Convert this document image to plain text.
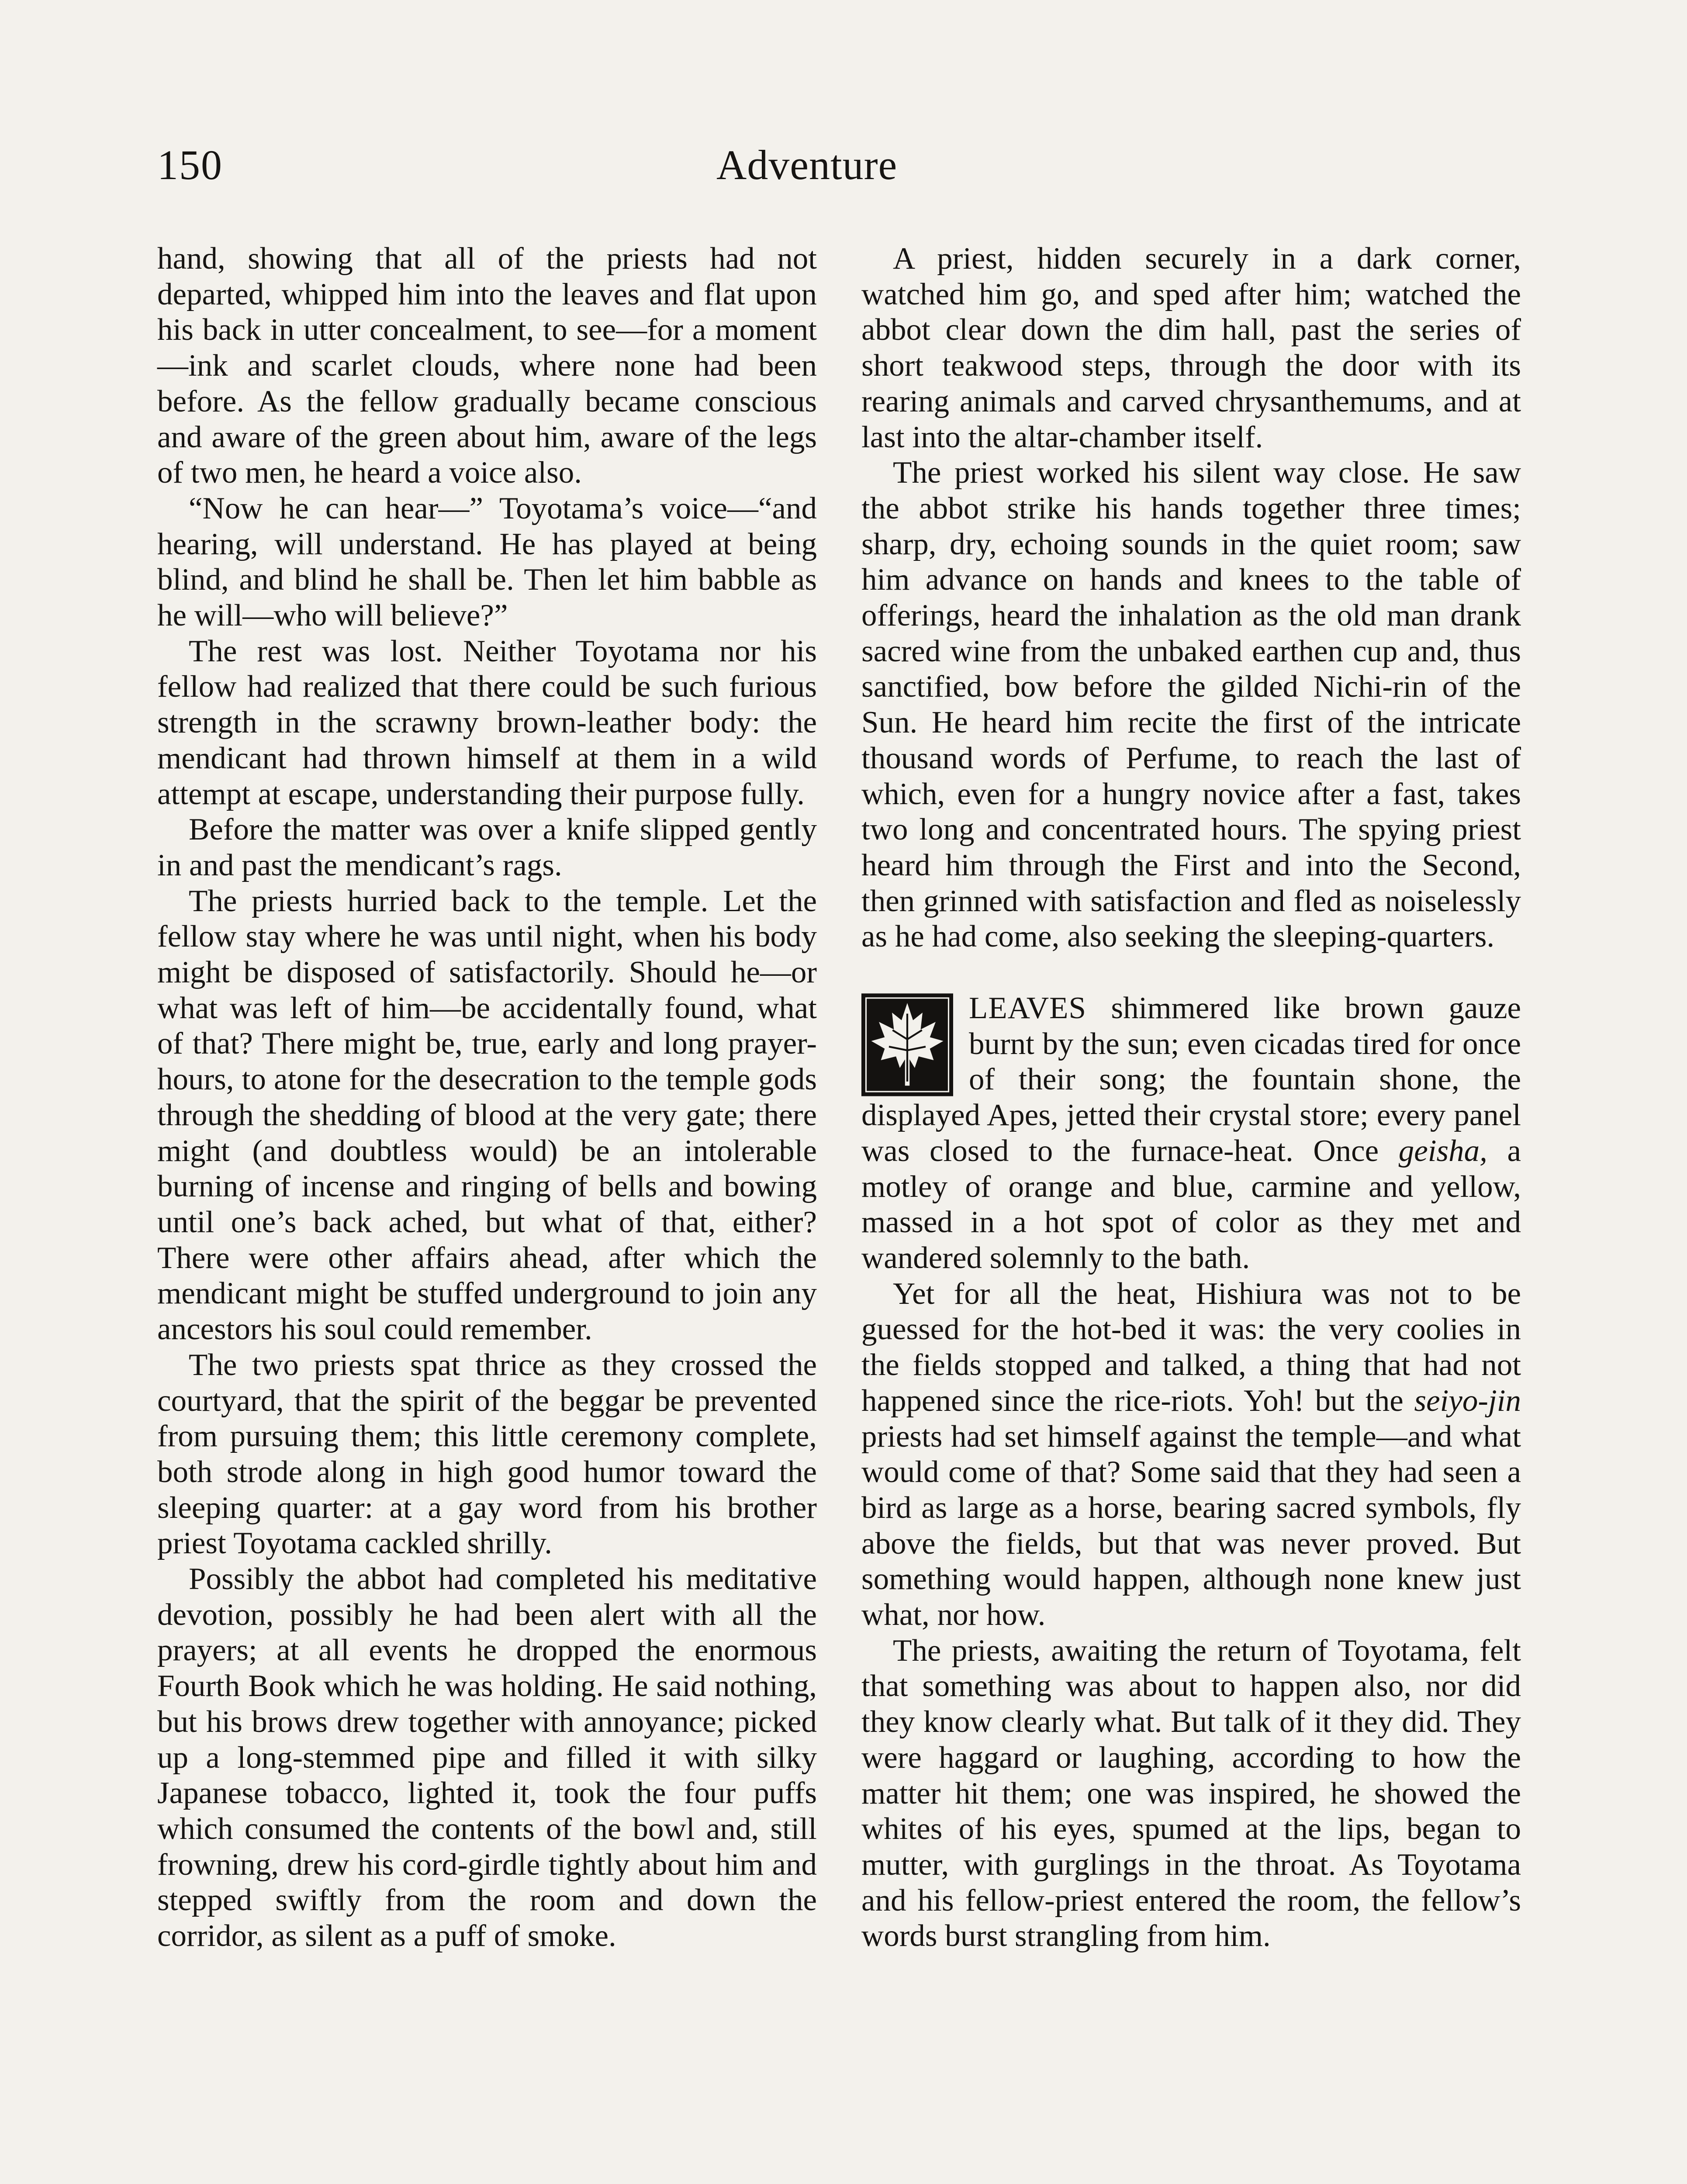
150	Adventure

hand, showing that all of the priests had not departed, whipped him into the leaves and flat upon his back in utter concealment, to see—for a moment—ink and scarlet clouds, where none had been before. As the fellow gradually became conscious and aware of the green about him, aware of the legs of two men, he heard a voice also.

“Now he can hear—” Toyotama’s voice—“and hearing, will understand. He has played at being blind, and blind he shall be. Then let him babble as he will—who will believe?”

The rest was lost. Neither Toyotama nor his fellow had realized that there could be such furious strength in the scrawny brown-leather body: the mendicant had thrown himself at them in a wild attempt at escape, understanding their purpose fully.

Before the matter was over a knife slipped gently in and past the mendicant’s rags.

The priests hurried back to the temple. Let the fellow stay where he was until night, when his body might be disposed of satisfactorily. Should he—or what was left of him—be accidentally found, what of that? There might be, true, early and long prayer-hours, to atone for the desecration to the temple gods through the shedding of blood at the very gate; there might (and doubtless would) be an intolerable burning of incense and ringing of bells and bowing until one’s back ached, but what of that, either? There were other affairs ahead, after which the mendicant might be stuffed underground to join any ancestors his soul could remember.

The two priests spat thrice as they crossed the courtyard, that the spirit of the beggar be prevented from pursuing them; this little ceremony complete, both strode along in high good humor toward the sleeping quarter: at a gay word from his brother priest Toyotama cackled shrilly.

Possibly the abbot had completed his meditative devotion, possibly he had been alert with all the prayers; at all events he dropped the enormous Fourth Book which he was holding. He said nothing, but his brows drew together with annoyance; picked up a long-stemmed pipe and filled it with silky Japanese tobacco, lighted it, took the four puffs which consumed the contents of the bowl and, still frowning, drew his cord-girdle tightly about him and stepped swiftly from the room and down the corridor, as silent as a puff of smoke.

A priest, hidden securely in a dark corner, watched him go, and sped after him; watched the abbot clear down the dim hall, past the series of short teakwood steps, through the door with its rearing animals and carved chrysanthemums, and at last into the altar-chamber itself.

The priest worked his silent way close. He saw the abbot strike his hands together three times; sharp, dry, echoing sounds in the quiet room; saw him advance on hands and knees to the table of offerings, heard the inhalation as the old man drank sacred wine from the unbaked earthen cup and, thus sanctified, bow before the gilded Nichi-rin of the Sun. He heard him recite the first of the intricate thousand words of Perfume, to reach the last of which, even for a hungry novice after a fast, takes two long and concentrated hours. The spying priest heard him through the First and into the Second, then grinned with satisfaction and fled as noiselessly as he had come, also seeking the sleeping-quarters.

LEAVES shimmered like brown gauze burnt by the sun; even cicadas tired for once of their song; the fountain shone, the displayed Apes, jetted their crystal store; every panel was closed to the furnace-heat. Once geisha, a motley of orange and blue, carmine and yellow, massed in a hot spot of color as they met and wandered solemnly to the bath.

Yet for all the heat, Hishiura was not to be guessed for the hot-bed it was: the very coolies in the fields stopped and talked, a thing that had not happened since the rice-riots. Yoh! but the seiyo-jin priests had set himself against the temple—and what would come of that? Some said that they had seen a bird as large as a horse, bearing sacred symbols, fly above the fields, but that was never proved. But something would happen, although none knew just what, nor how.

The priests, awaiting the return of Toyotama, felt that something was about to happen also, nor did they know clearly what. But talk of it they did. They were haggard or laughing, according to how the matter hit them; one was inspired, he showed the whites of his eyes, spumed at the lips, began to mutter, with gurglings in the throat. As Toyotama and his fellow-priest entered the room, the fellow’s words burst strangling from him.
